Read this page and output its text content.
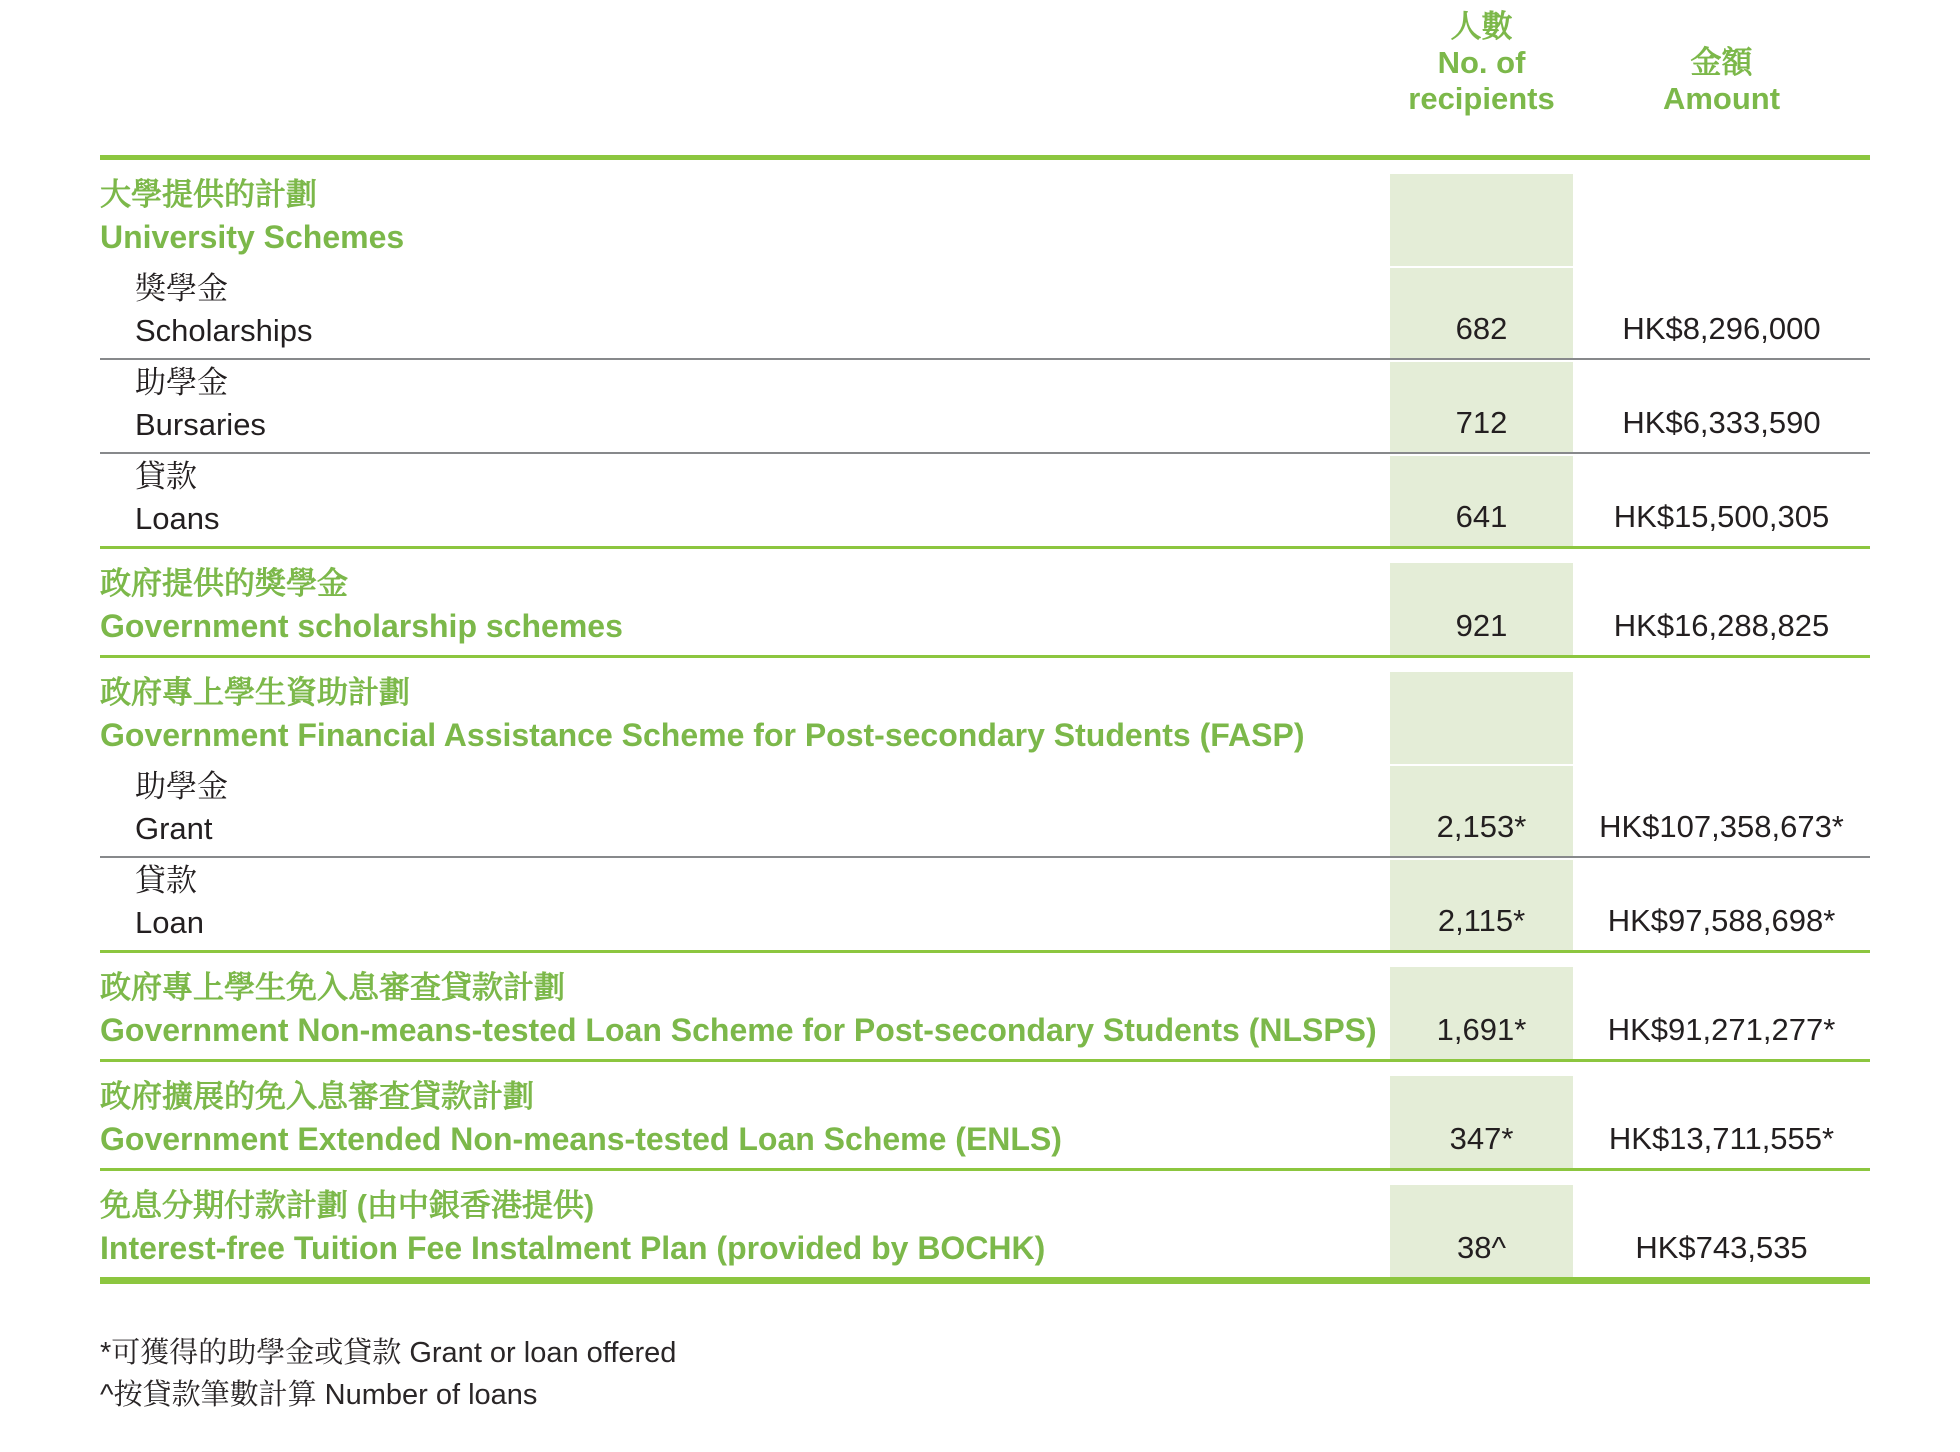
人數
No. of
recipients
金額
Amount
大學提供的計劃
University Schemes
獎學金
Scholarships	682	HK$8,296,000
助學金
Bursaries	712	HK$6,333,590
貸款
Loans	641	HK$15,500,305
政府提供的獎學金
Government scholarship schemes	921	HK$16,288,825
政府專上學生資助計劃
Government Financial Assistance Scheme for Post-secondary Students (FASP)
助學金
Grant	2,153* HK$107,358,673*
貸款
Loan	2,115*	HK$97,588,698*
政府專上學生免入息審查貸款計劃
Government Non-means-tested Loan Scheme for Post-secondary Students (NLSPS)	1,691*	HK$91,271,277*
政府擴展的免入息審查貸款計劃
Government Extended Non-means-tested Loan Scheme (ENLS)	347*	HK$13,711,555*
免息分期付款計劃 (由中銀香港提供)
Interest-free Tuition Fee Instalment Plan (provided by BOCHK)	38^	HK$743,535
*可獲得的助學金或貸款 Grant or loan offered
^按貸款筆數計算 Number of loans
